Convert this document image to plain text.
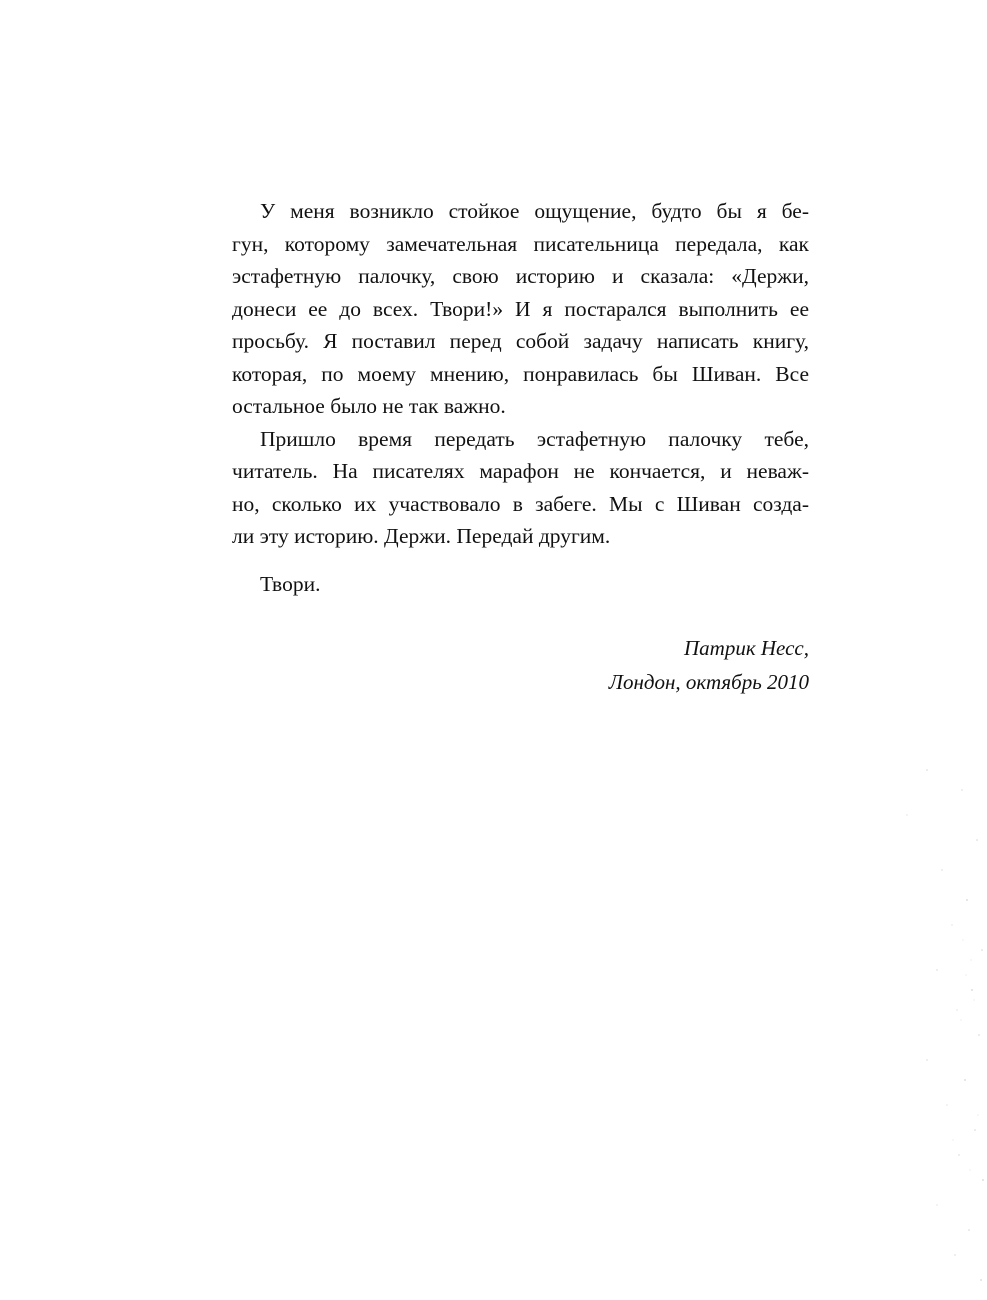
У меня возникло стойкое ощущение, будто бы я бе-
гун, которому замечательная писательница передала, как
эстафетную палочку, свою историю и сказала: «Держи,
донеси ее до всех. Твори!» И я постарался выполнить ее
просьбу. Я поставил перед собой задачу написать книгу,
которая, по моему мнению, понравилась бы Шиван. Все
остальное было не так важно.
Пришло время передать эстафетную палочку тебе,
читатель. На писателях марафон не кончается, и неваж-
но, сколько их участвовало в забеге. Мы с Шиван созда-
ли эту историю. Держи. Передай другим.
Твори.
Патрик Несс,
Лондон, октябрь 2010
